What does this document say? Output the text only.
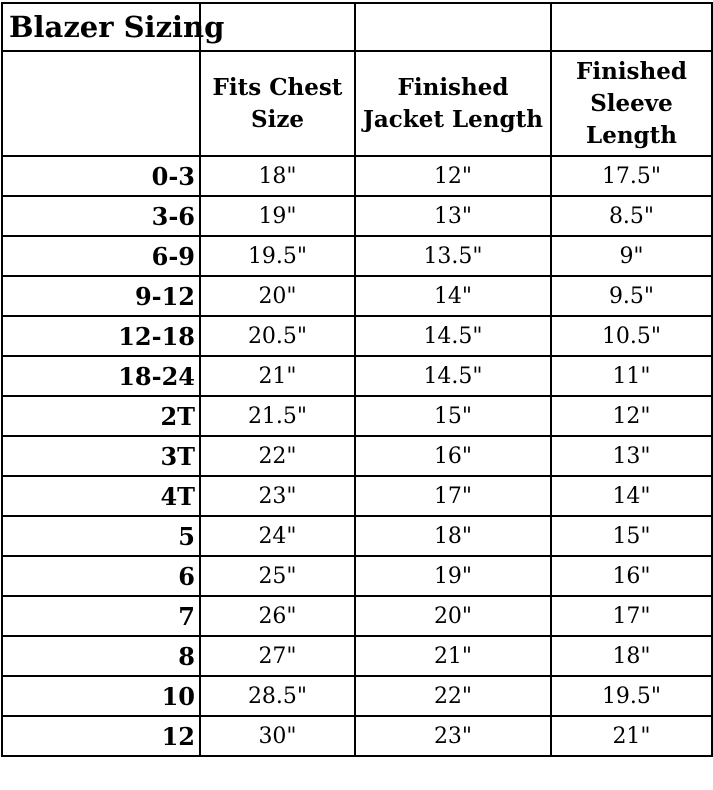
Blazer Sizing			
	Fits Chest Size	Finished Jacket Length	Finished Sleeve Length
0-3	18"	12"	17.5"
3-6	19"	13"	8.5"
6-9	19.5"	13.5"	9"
9-12	20"	14"	9.5"
12-18	20.5"	14.5"	10.5"
18-24	21"	14.5"	11"
2T	21.5"	15"	12"
3T	22"	16"	13"
4T	23"	17"	14"
5	24"	18"	15"
6	25"	19"	16"
7	26"	20"	17"
8	27"	21"	18"
10	28.5"	22"	19.5"
12	30"	23"	21"
